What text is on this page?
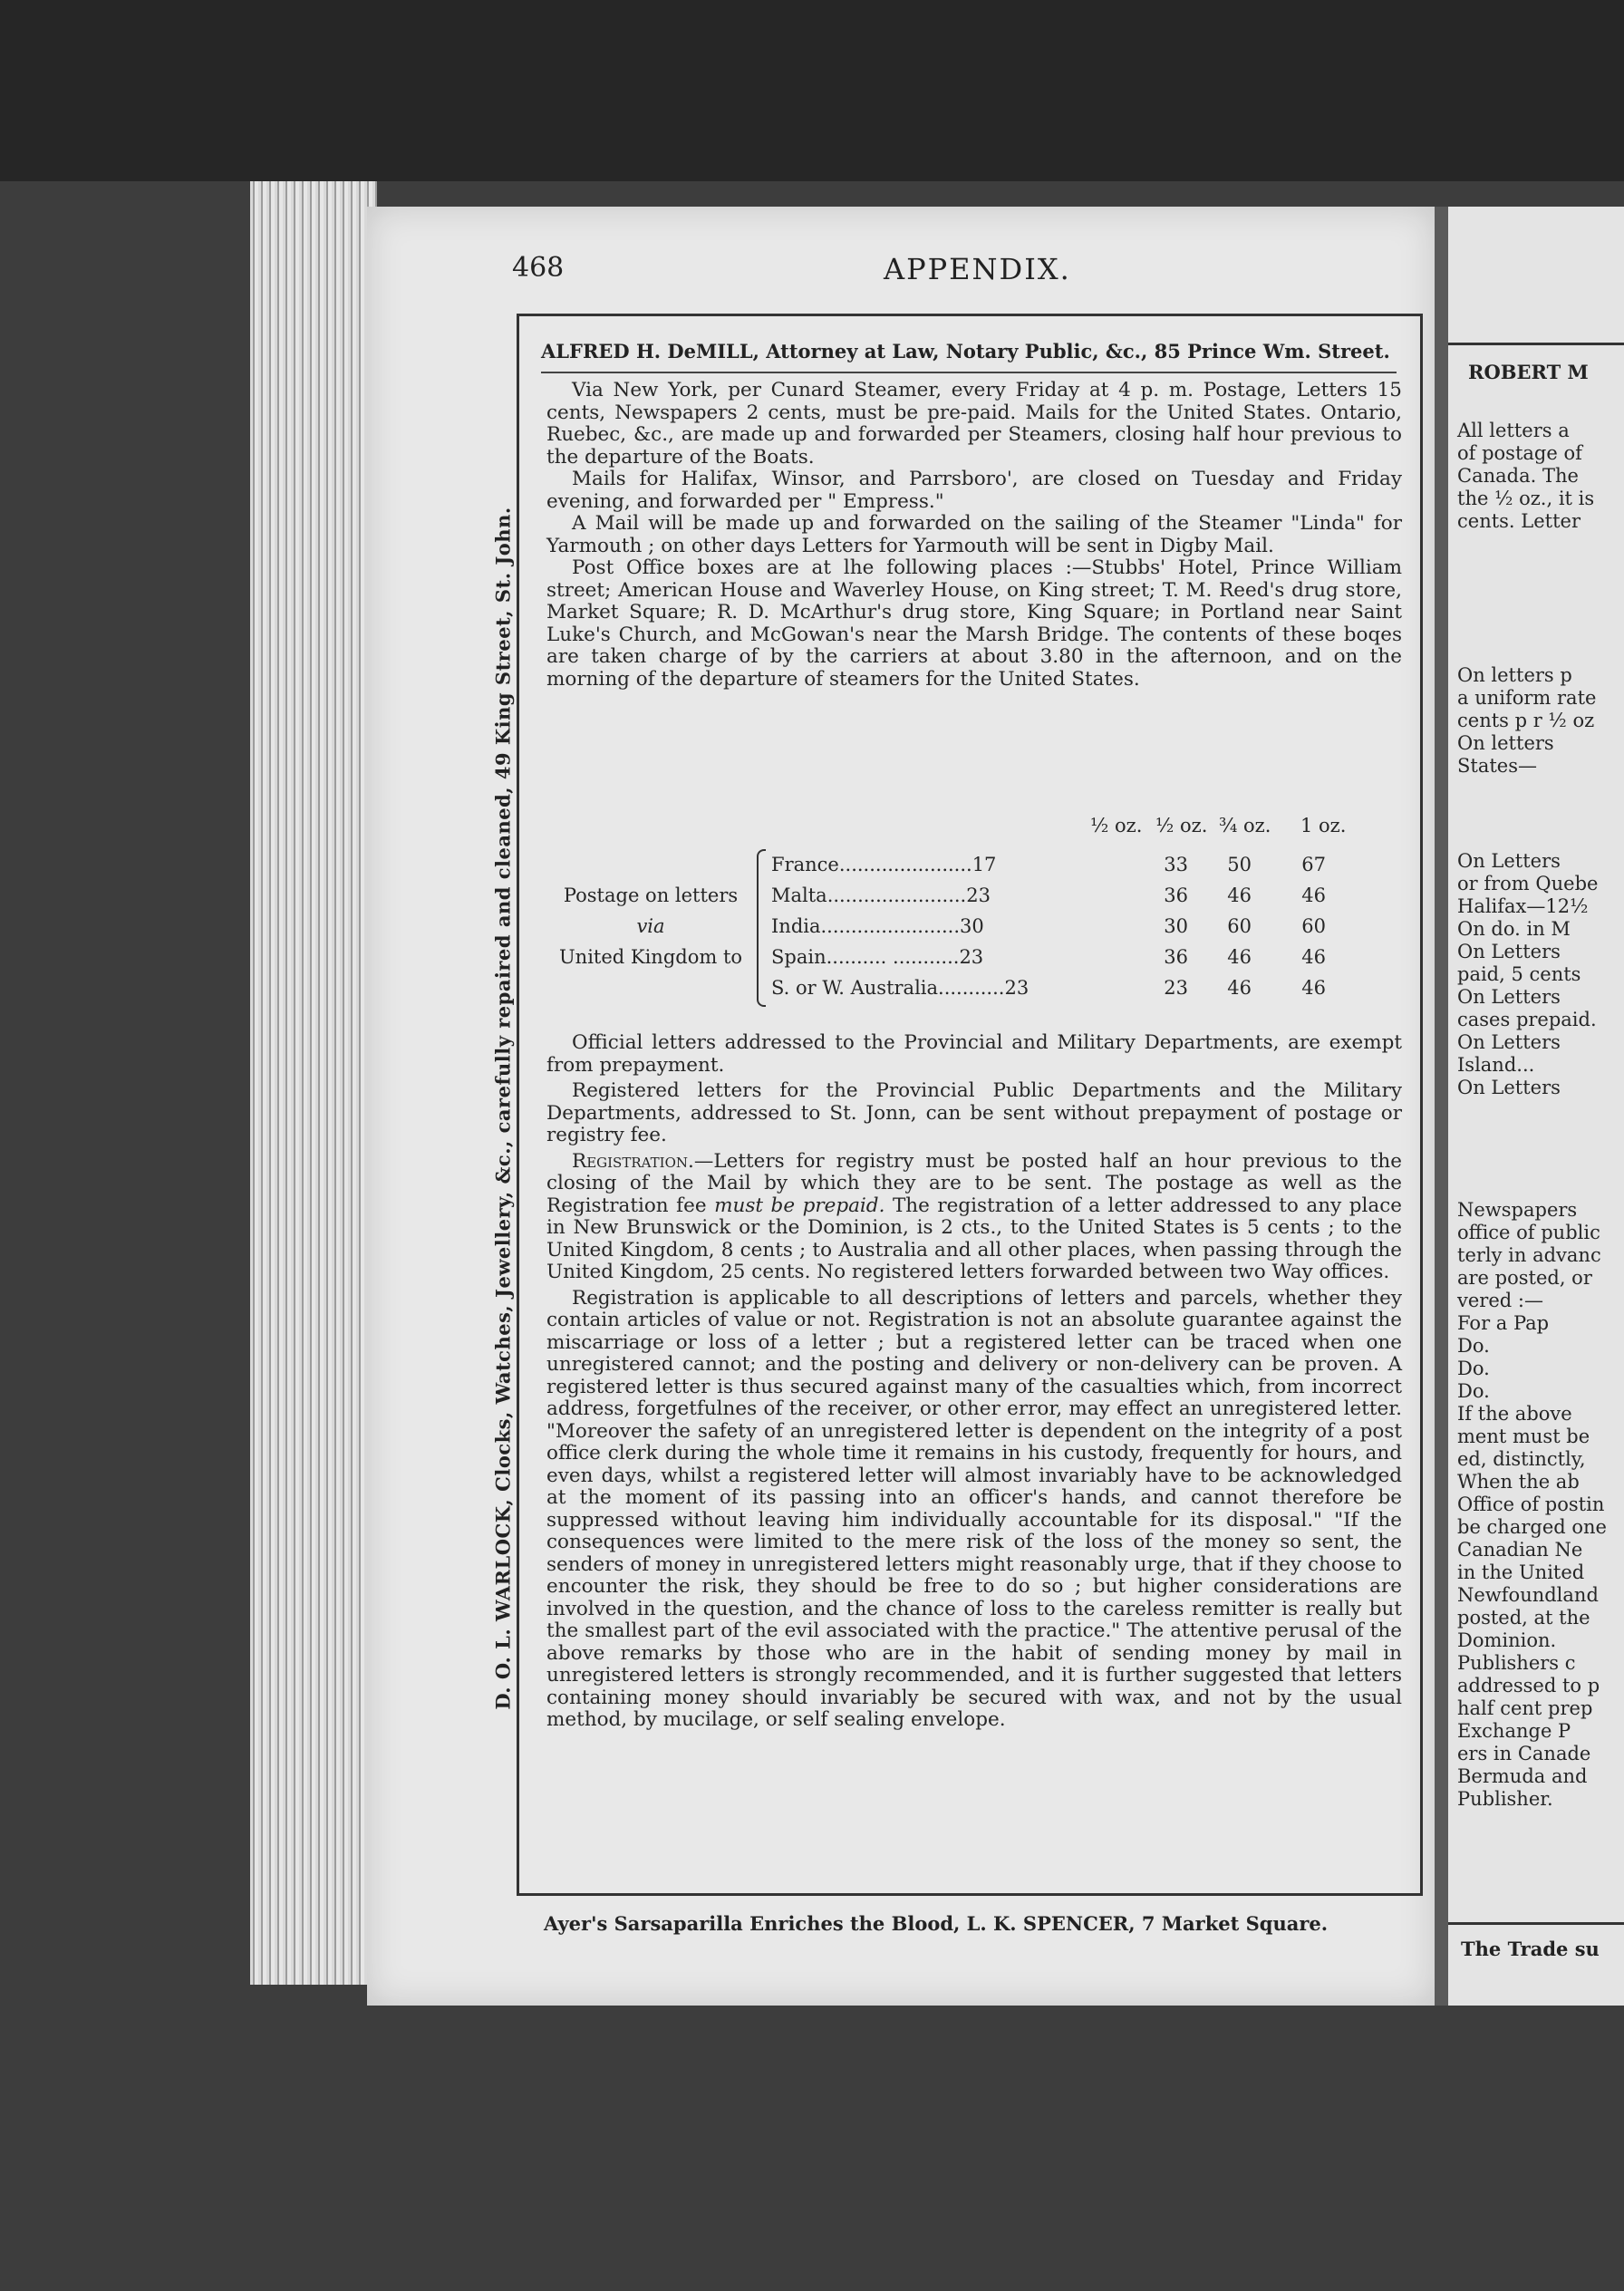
468	APPENDIX.
D. O. L. WARLOCK, Clocks, Watches, Jewellery, &c., carefully repaired and cleaned, 49 King Street, St. John.
ALFRED H. DeMILL, Attorney at Law, Notary Public, &c., 85 Prince Wm. Street.

Via New York, per Cunard Steamer, every Friday at 4 p. m. Postage, Letters 15 cents, Newspapers 2 cents, must be pre-paid. Mails for the United States. Ontario, Ruebec, &c., are made up and forwarded per Steamers, closing half hour previous to the departure of the Boats.

Mails for Halifax, Winsor, and Parrsboro', are closed on Tuesday and Friday evening, and forwarded per " Empress."

A Mail will be made up and forwarded on the sailing of the Steamer "Linda" for Yarmouth ; on other days Letters for Yarmouth will be sent in Digby Mail.

Post Office boxes are at lhe following places :—Stubbs' Hotel, Prince William street; American House and Waverley House, on King street; T. M. Reed's drug store, Market Square; R. D. McArthur's drug store, King Square; in Portland near Saint Luke's Church, and McGowan's near the Marsh Bridge. The contents of these boqes are taken charge of by the carriers at about 3.80 in the afternoon, and on the morning of the departure of steamers for the United States.

½ oz. ½ oz. ¾ oz. 1 oz.
Postage on letters
via
United Kingdom to
France......................17	33	50	67
Malta.......................23	36	46	46
India.......................30	30	60	60
Spain.......... ...........23	36	46	46
S. or W. Australia...........23	23	46	46

Official letters addressed to the Provincial and Military Departments, are exempt from prepayment.

Registered letters for the Provincial Public Departments and the Military Departments, addressed to St. Jonn, can be sent without prepayment of postage or registry fee.

Registration.—Letters for registry must be posted half an hour previous to the closing of the Mail by which they are to be sent. The postage as well as the Registration fee must be prepaid. The registration of a letter addressed to any place in New Brunswick or the Dominion, is 2 cts., to the United States is 5 cents ; to the United Kingdom, 8 cents ; to Australia and all other places, when passing through the United Kingdom, 25 cents. No registered letters forwarded between two Way offices.

Registration is applicable to all descriptions of letters and parcels, whether they contain articles of value or not. Registration is not an absolute guarantee against the miscarriage or loss of a letter ; but a registered letter can be traced when one unregistered cannot; and the posting and delivery or non-delivery can be proven. A registered letter is thus secured against many of the casualties which, from incorrect address, forgetfulnes of the receiver, or other error, may effect an unregistered letter. "Moreover the safety of an unregistered letter is dependent on the integrity of a post office clerk during the whole time it remains in his custody, frequently for hours, and even days, whilst a registered letter will almost invariably have to be acknowledged at the moment of its passing into an officer's hands, and cannot therefore be suppressed without leaving him individually accountable for its disposal." "If the consequences were limited to the mere risk of the loss of the money so sent, the senders of money in unregistered letters might reasonably urge, that if they choose to encounter the risk, they should be free to do so ; but higher considerations are involved in the question, and the chance of loss to the careless remitter is really but the smallest part of the evil associated with the practice." The attentive perusal of the above remarks by those who are in the habit of sending money by mail in unregistered letters is strongly recommended, and it is further suggested that letters containing money should invariably be secured with wax, and not by the usual method, by mucilage, or self sealing envelope.

Ayer's Sarsaparilla Enriches the Blood, L. K. SPENCER, 7 Market Square.
ROBERT M
All letters a
of postage of
Canada. The
the ½ oz., it is
cents. Letter
On letters p
a uniform rate
cents p r ½ oz
On letters
States—
On Letters
or from Quebe
Halifax—12½
On do. in M
On Letters
paid, 5 cents
On Letters
cases prepaid.
On Letters
Island...
On Letters
Newspapers
office of public
terly in advanc
are posted, or
vered :—
For a Pap
Do.
Do.
Do.
If the above
ment must be
ed, distinctly,
When the ab
Office of postin
be charged one
Canadian Ne
in the United
Newfoundland
posted, at the
Dominion.
Publishers c
addressed to p
half cent prep
Exchange P
ers in Canade
Bermuda and
Publisher.
The Trade su
